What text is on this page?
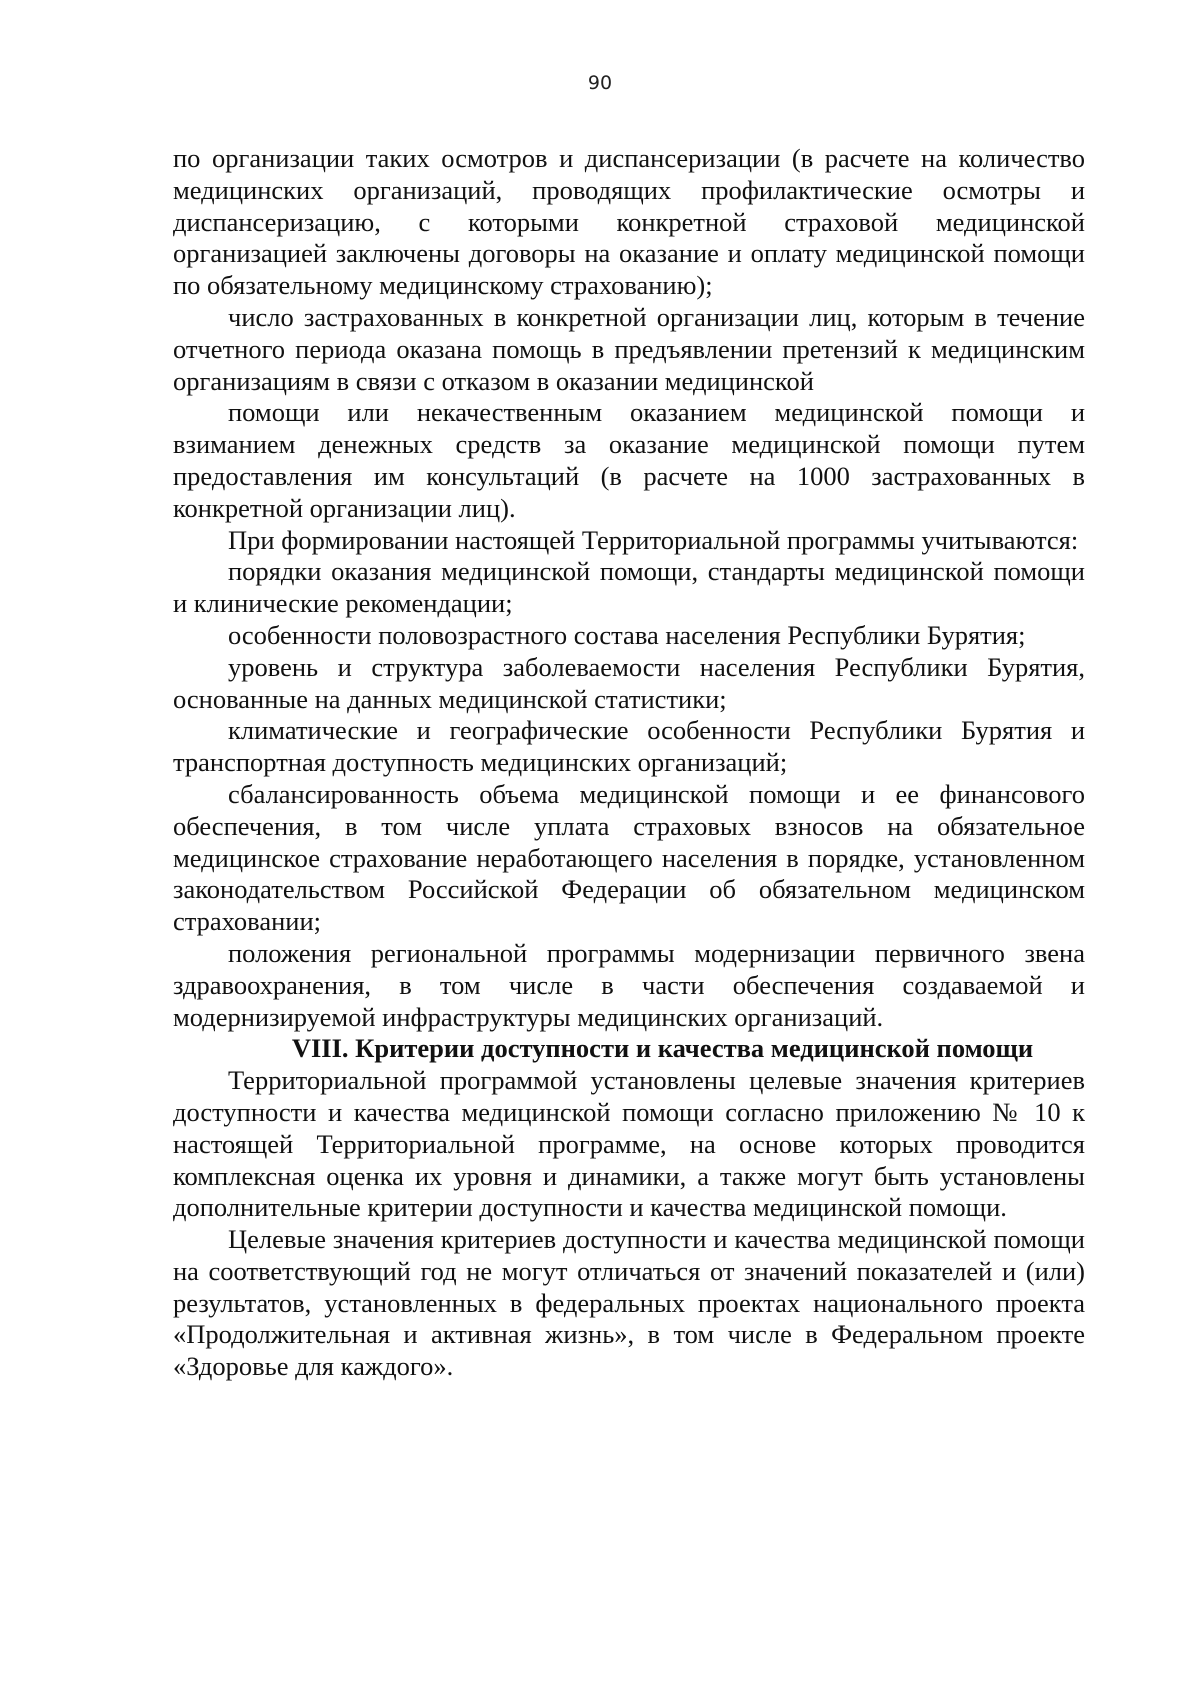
90

по организации таких осмотров и диспансеризации (в расчете на количество медицинских организаций, проводящих профилактические осмотры и диспансеризацию, с которыми конкретной страховой медицинской организацией заключены договоры на оказание и оплату медицинской помощи по обязательному медицинскому страхованию);

число застрахованных в конкретной организации лиц, которым в течение отчетного периода оказана помощь в предъявлении претензий к медицинским организациям в связи с отказом в оказании медицинской

помощи или некачественным оказанием медицинской помощи и взиманием денежных средств за оказание медицинской помощи путем предоставления им консультаций (в расчете на 1000 застрахованных в конкретной организации лиц).

При формировании настоящей Территориальной программы учитываются:

порядки оказания медицинской помощи, стандарты медицинской помощи и клинические рекомендации;

особенности половозрастного состава населения Республики Бурятия;

уровень и структура заболеваемости населения Республики Бурятия, основанные на данных медицинской статистики;

климатические и географические особенности Республики Бурятия и транспортная доступность медицинских организаций;

сбалансированность объема медицинской помощи и ее финансового обеспечения, в том числе уплата страховых взносов на обязательное медицинское страхование неработающего населения в порядке, установленном законодательством Российской Федерации об обязательном медицинском страховании;

положения региональной программы модернизации первичного звена здравоохранения, в том числе в части обеспечения создаваемой и модернизируемой инфраструктуры медицинских организаций.

VIII. Критерии доступности и качества медицинской помощи

Территориальной программой установлены целевые значения критериев доступности и качества медицинской помощи согласно приложению № 10 к настоящей Территориальной программе, на основе которых проводится комплексная оценка их уровня и динамики, а также могут быть установлены дополнительные критерии доступности и качества медицинской помощи.

Целевые значения критериев доступности и качества медицинской помощи на соответствующий год не могут отличаться от значений показателей и (или) результатов, установленных в федеральных проектах национального проекта «Продолжительная и активная жизнь», в том числе в Федеральном проекте «Здоровье для каждого».
